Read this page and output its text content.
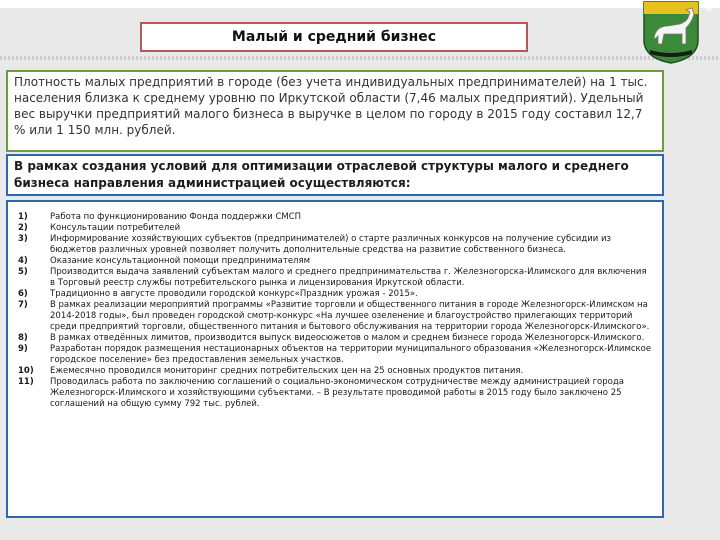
Малый и средний бизнес
✳
Плотность малых предприятий в городе (без учета индивидуальных предпринимателей) на 1 тыс. населения близка к среднему уровню по Иркутской области (7,46 малых предприятий). Удельный вес выручки предприятий малого бизнеса в выручке в целом по городу в 2015 году составил 12,7 % или 1 150 млн. рублей.
В рамках создания условий для оптимизации отраслевой структуры малого и среднего бизнеса направления администрацией осуществляются:
1)	Работа по функционированию Фонда поддержки СМСП
2)	Консультации потребителей
3)	Информирование хозяйствующих субъектов (предпринимателей) о старте различных конкурсов на получение субсидии из бюджетов различных уровней позволяет получить дополнительные средства на развитие собственного бизнеса.
4)	Оказание консультационной помощи предпринимателям
5)	Производится выдача заявлений субъектам малого и среднего предпринимательства г. Железногорска-Илимского для включения в Торговый реестр службы потребительского рынка и лицензирования Иркутской области.
6)	Традиционно в августе проводили городской конкурс«Праздник урожая - 2015».
7)	В рамках реализации мероприятий программы «Развитие торговли и общественного питания в городе Железногорск-Илимском на 2014-2018 годы», был проведен городской смотр-конкурс «На лучшее озеленение и благоустройство прилегающих территорий среди предприятий торговли, общественного питания и бытового обслуживания на территории города Железногорск-Илимского».
8)	В рамках отведённых лимитов, производится выпуск видеосюжетов о малом и среднем бизнесе города Железногорск-Илимского.
9)	Разработан порядок размещения нестационарных объектов на территории муниципального образования «Железногорск-Илимское городское поселение» без предоставления земельных участков.
10)	Ежемесячно проводился мониторинг средних потребительских цен на 25 основных продуктов питания.
11)	Проводилась работа по заключению соглашений о социально-экономическом сотрудничестве между администрацией города Железногорск-Илимского и хозяйствующими субъектами. – В результате проводимой работы в 2015 году было заключено 25 соглашений на общую сумму 792 тыс. рублей.
